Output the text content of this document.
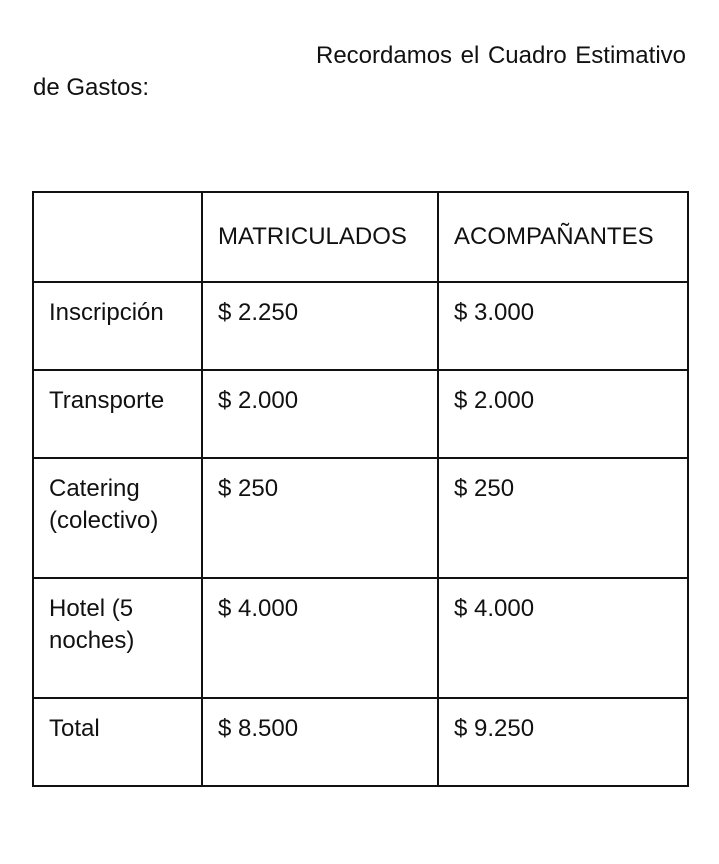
Recordamos el Cuadro Estimativo de Gastos:

	MATRICULADOS	ACOMPAÑANTES
Inscripción	$ 2.250	$ 3.000
Transporte	$ 2.000	$ 2.000
Catering (colectivo)	$ 250	$ 250
Hotel (5 noches)	$ 4.000	$ 4.000
Total	$ 8.500	$ 9.250
